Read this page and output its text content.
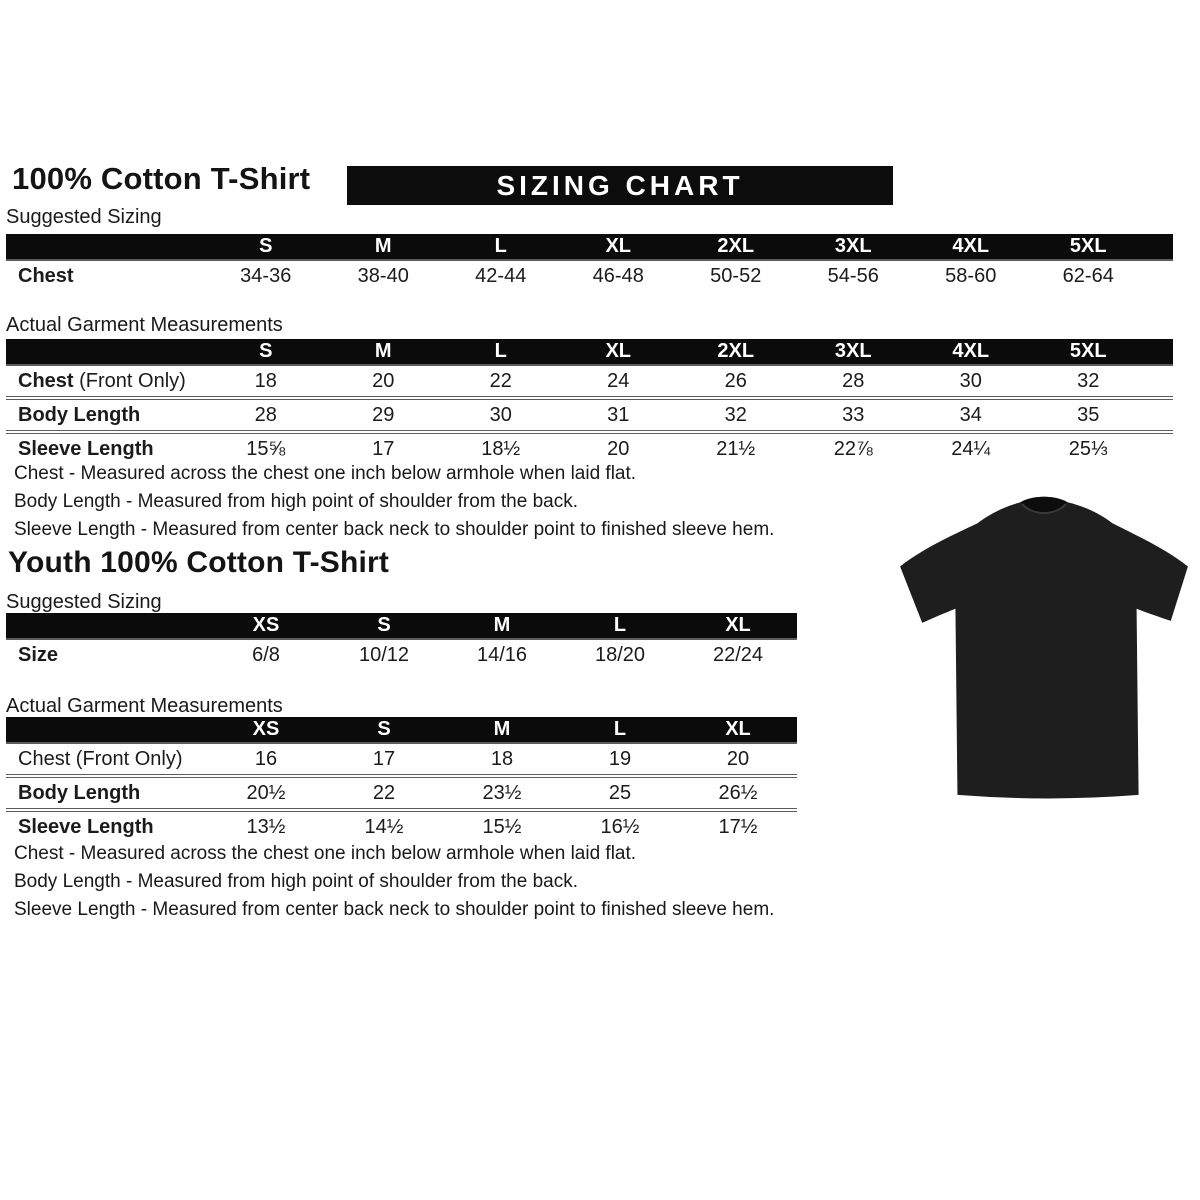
100% Cotton T-Shirt	SIZING CHART
Suggested Sizing
	S	M	L	XL	2XL	3XL	4XL	5XL	
Chest	34-36	38-40	42-44	46-48	50-52	54-56	58-60	62-64	
Actual Garment Measurements
	S	M	L	XL	2XL	3XL	4XL	5XL	
Chest (Front Only)	18	20	22	24	26	28	30	32	
Body Length	28	29	30	31	32	33	34	35	
Sleeve Length	15⅝	17	18½	20	21½	22⅞	24¼	25⅓	
Chest - Measured across the chest one inch below armhole when laid flat.
Body Length - Measured from high point of shoulder from the back.
Sleeve Length - Measured from center back neck to shoulder point to finished sleeve hem.
Youth 100% Cotton T-Shirt
Suggested Sizing
	XS	S	M	L	XL
Size	6/8	10/12	14/16	18/20	22/24
Actual Garment Measurements
	XS	S	M	L	XL
Chest (Front Only)	16	17	18	19	20
Body Length	20½	22	23½	25	26½
Sleeve Length	13½	14½	15½	16½	17½
Chest - Measured across the chest one inch below armhole when laid flat.
Body Length - Measured from high point of shoulder from the back.
Sleeve Length - Measured from center back neck to shoulder point to finished sleeve hem.
